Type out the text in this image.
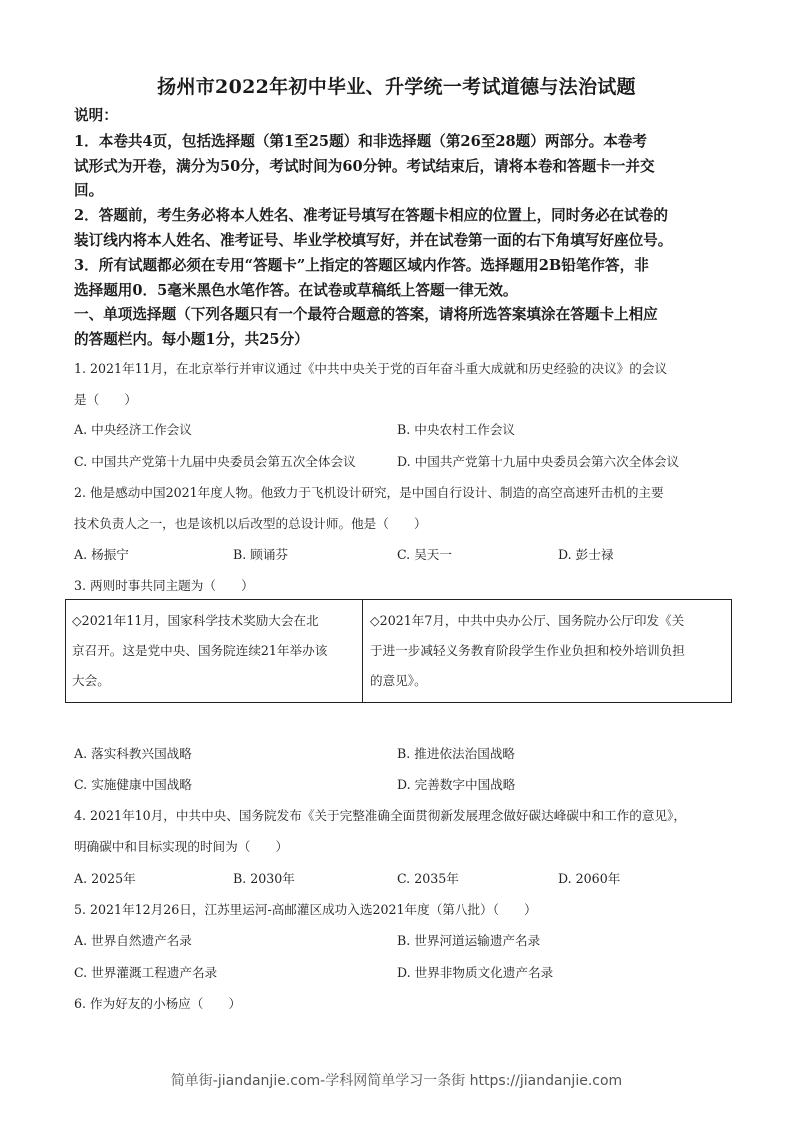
扬州市2022年初中毕业、升学统一考试道德与法治试题
说明：
1．本卷共4页，包括选择题（第1至25题）和非选择题（第26至28题）两部分。本卷考
试形式为开卷，满分为50分，考试时间为60分钟。考试结束后，请将本卷和答题卡一并交
回。
2．答题前，考生务必将本人姓名、准考证号填写在答题卡相应的位置上，同时务必在试卷的
装订线内将本人姓名、准考证号、毕业学校填写好，并在试卷第一面的右下角填写好座位号。
3．所有试题都必须在专用“答题卡”上指定的答题区域内作答。选择题用2B铅笔作答，非
选择题用0．5毫米黑色水笔作答。在试卷或草稿纸上答题一律无效。
一、单项选择题（下列各题只有一个最符合题意的答案，请将所选答案填涂在答题卡上相应
的答题栏内。每小题1分，共25分）
1. 2021年11月，在北京举行并审议通过《中共中央关于党的百年奋斗重大成就和历史经验的决议》的会议
是（　　）
A. 中央经济工作会议	B. 中央农村工作会议
C. 中国共产党第十九届中央委员会第五次全体会议	D. 中国共产党第十九届中央委员会第六次全体会议
2. 他是感动中国2021年度人物。他致力于飞机设计研究，是中国自行设计、制造的高空高速歼击机的主要
技术负责人之一，也是该机以后改型的总设计师。他是（　　）
A. 杨振宁	B. 顾诵芬	C. 吴天一	D. 彭士禄
3. 两则时事共同主题为（　　）
◇2021年11月，国家科学技术奖励大会在北
京召开。这是党中央、国务院连续21年举办该
大会。
◇2021年7月，中共中央办公厅、国务院办公厅印发《关
于进一步减轻义务教育阶段学生作业负担和校外培训负担
的意见》。
A. 落实科教兴国战略	B. 推进依法治国战略
C. 实施健康中国战略	D. 完善数字中国战略
4. 2021年10月，中共中央、国务院发布《关于完整准确全面贯彻新发展理念做好碳达峰碳中和工作的意见》，
明确碳中和目标实现的时间为（　　）
A. 2025年	B. 2030年	C. 2035年	D. 2060年
5. 2021年12月26日，江苏里运河-高邮灌区成功入选2021年度（第八批）（　　）
A. 世界自然遗产名录	B. 世界河道运输遗产名录
C. 世界灌溉工程遗产名录	D. 世界非物质文化遗产名录
6. 作为好友的小杨应（　　）
简单街-jiandanjie.com-学科网简单学习一条街 https://jiandanjie.com
